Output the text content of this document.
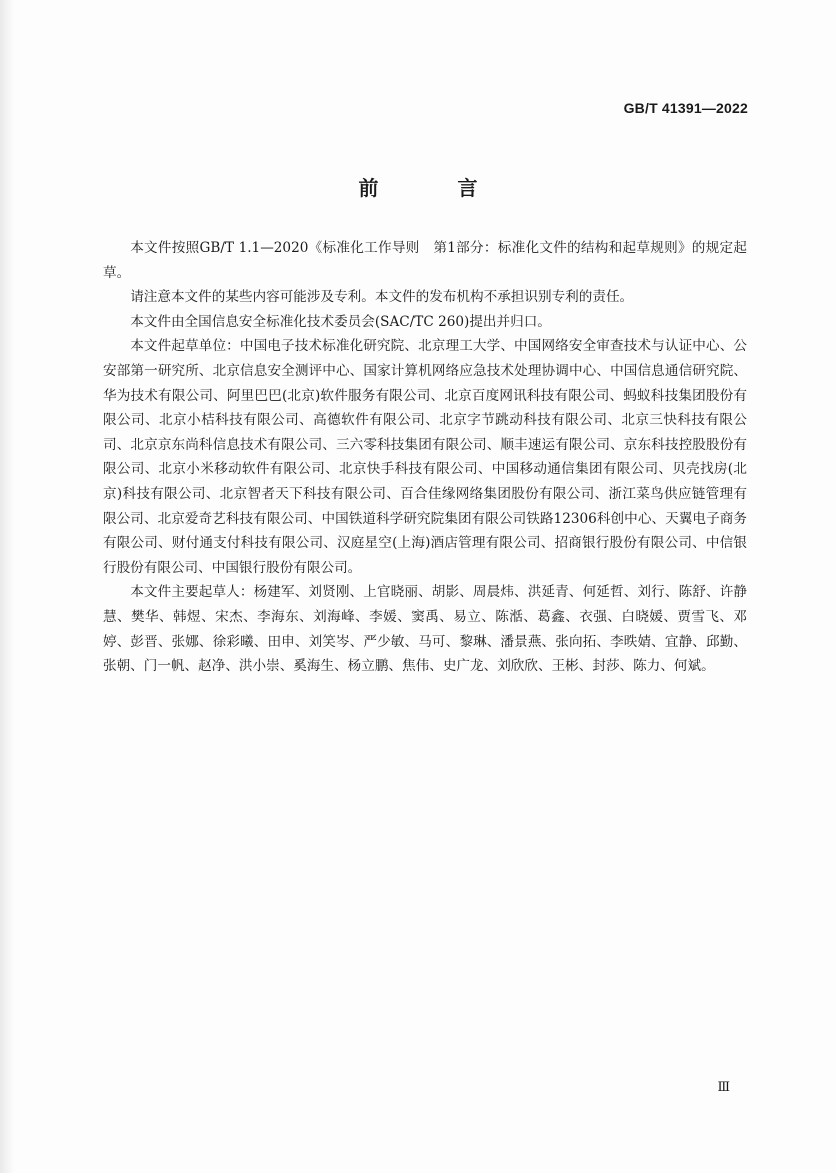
GB/T 41391—2022
前 言

本文件按照GB/T 1.1—2020《标准化工作导则　第1部分：标准化文件的结构和起草规则》的规定起草。

请注意本文件的某些内容可能涉及专利。本文件的发布机构不承担识别专利的责任。

本文件由全国信息安全标准化技术委员会(SAC/TC 260)提出并归口。

本文件起草单位：中国电子技术标准化研究院、北京理工大学、中国网络安全审查技术与认证中心、公安部第一研究所、北京信息安全测评中心、国家计算机网络应急技术处理协调中心、中国信息通信研究院、华为技术有限公司、阿里巴巴(北京)软件服务有限公司、北京百度网讯科技有限公司、蚂蚁科技集团股份有限公司、北京小桔科技有限公司、高德软件有限公司、北京字节跳动科技有限公司、北京三快科技有限公司、北京京东尚科信息技术有限公司、三六零科技集团有限公司、顺丰速运有限公司、京东科技控股股份有限公司、北京小米移动软件有限公司、北京快手科技有限公司、中国移动通信集团有限公司、贝壳找房(北京)科技有限公司、北京智者天下科技有限公司、百合佳缘网络集团股份有限公司、浙江菜鸟供应链管理有限公司、北京爱奇艺科技有限公司、中国铁道科学研究院集团有限公司铁路12306科创中心、天翼电子商务有限公司、财付通支付科技有限公司、汉庭星空(上海)酒店管理有限公司、招商银行股份有限公司、中信银行股份有限公司、中国银行股份有限公司。

本文件主要起草人：杨建军、刘贤刚、上官晓丽、胡影、周晨炜、洪延青、何延哲、刘行、陈舒、许静慧、樊华、韩煜、宋杰、李海东、刘海峰、李媛、窦禹、易立、陈湉、葛鑫、衣强、白晓媛、贾雪飞、邓婷、彭晋、张娜、徐彩曦、田申、刘笑岑、严少敏、马可、黎琳、潘景燕、张向拓、李昳婧、宜静、邱勤、张朝、门一帆、赵净、洪小崇、奚海生、杨立鹏、焦伟、史广龙、刘欣欣、王彬、封莎、陈力、何斌。

Ⅲ
